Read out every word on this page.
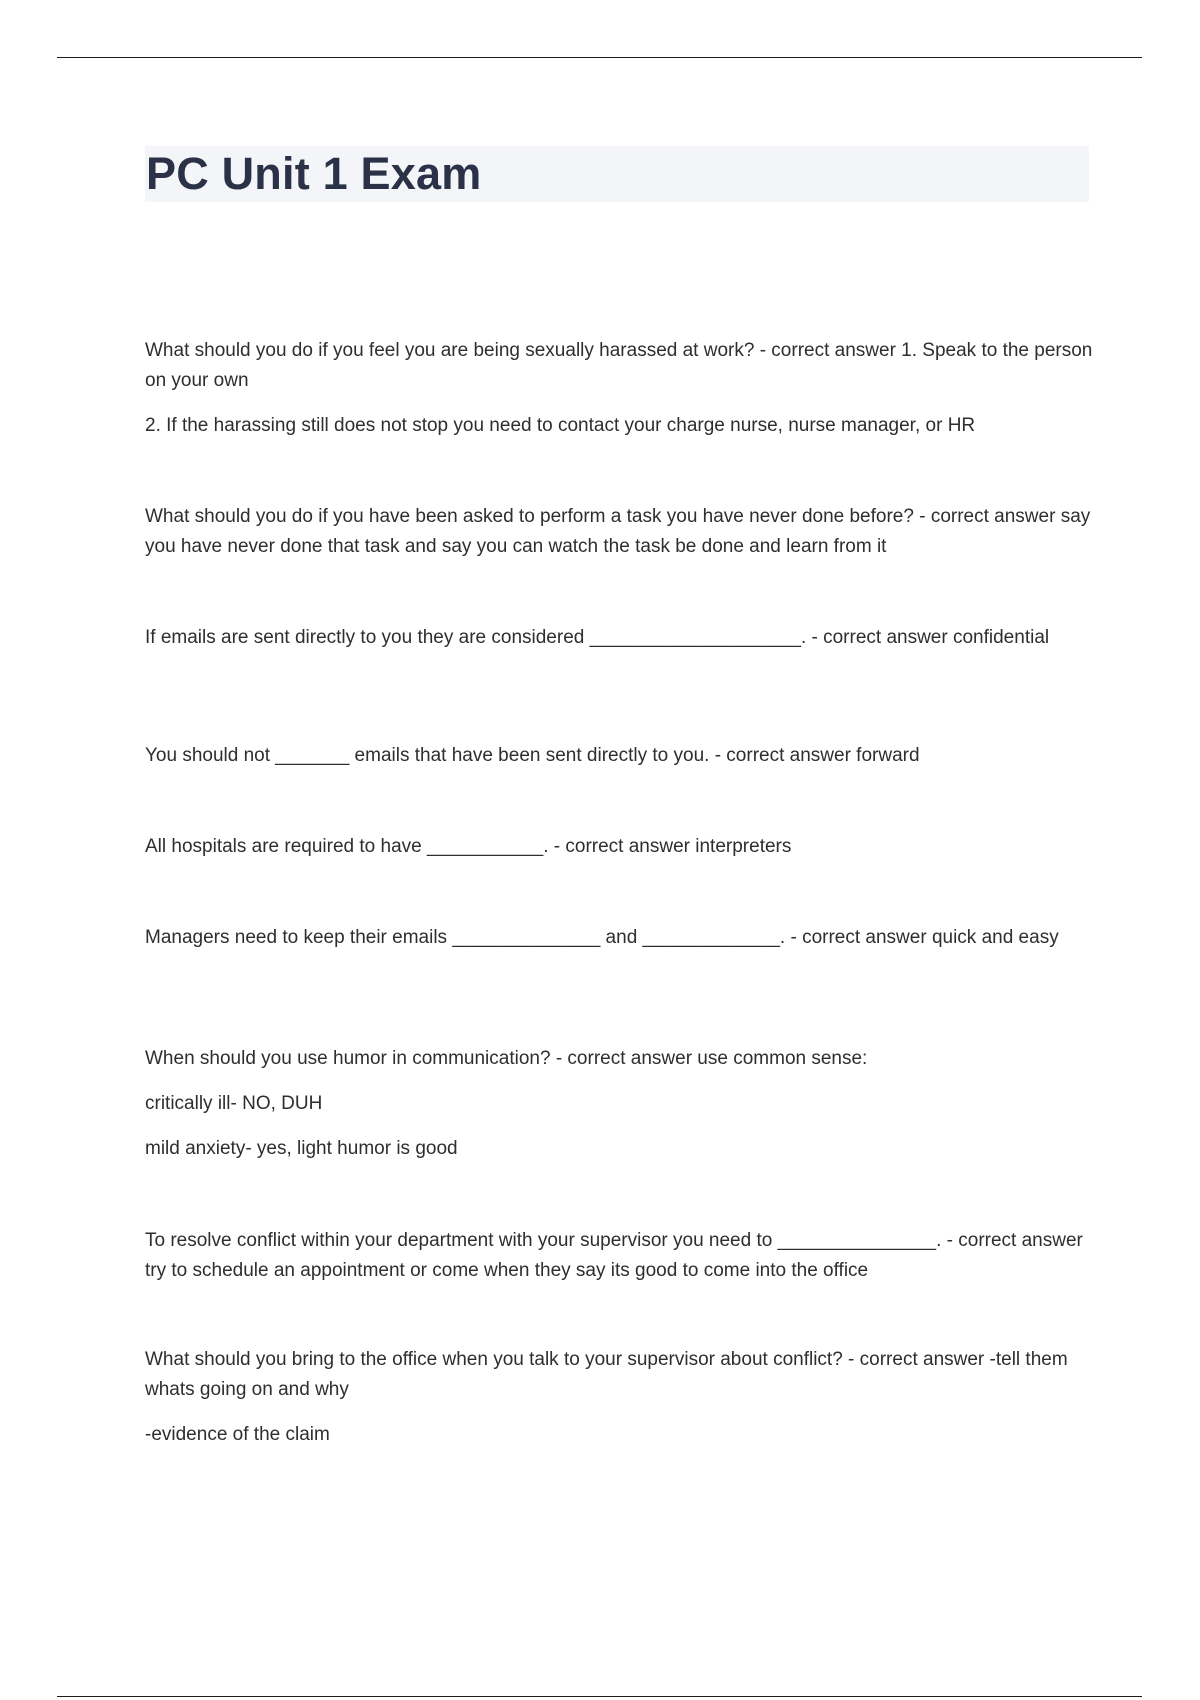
PC Unit 1 Exam

What should you do if you feel you are being sexually harassed at work? - correct answer 1. Speak to the person on your own

2. If the harassing still does not stop you need to contact your charge nurse, nurse manager, or HR

What should you do if you have been asked to perform a task you have never done before? - correct answer say you have never done that task and say you can watch the task be done and learn from it

If emails are sent directly to you they are considered ____________________. - correct answer confidential

You should not _______ emails that have been sent directly to you. - correct answer forward

All hospitals are required to have ___________. - correct answer interpreters

Managers need to keep their emails ______________ and _____________. - correct answer quick and easy

When should you use humor in communication? - correct answer use common sense:

critically ill- NO, DUH

mild anxiety- yes, light humor is good

To resolve conflict within your department with your supervisor you need to _______________. - correct answer try to schedule an appointment or come when they say its good to come into the office

What should you bring to the office when you talk to your supervisor about conflict? - correct answer -tell them whats going on and why

-evidence of the claim
